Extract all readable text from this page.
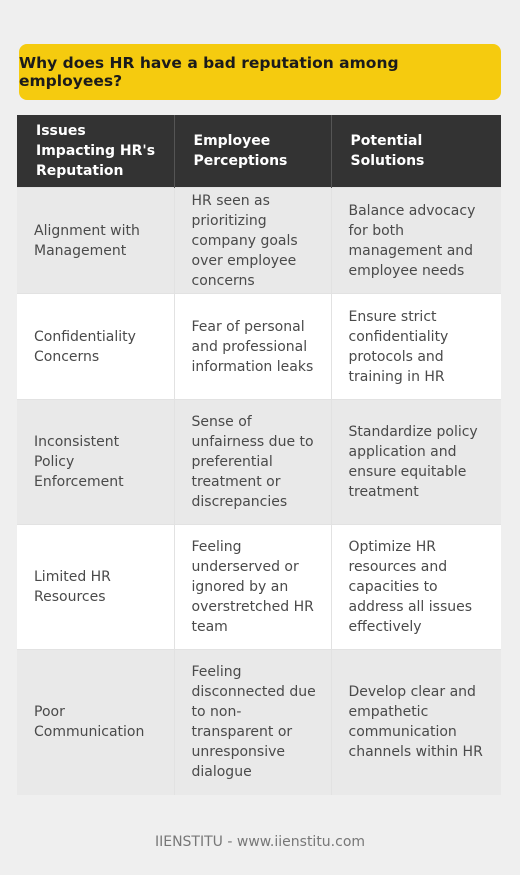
Why does HR have a bad reputation among employees?
Issues Impacting HR's Reputation	Employee Perceptions	Potential Solutions
Alignment with Management	HR seen as prioritizing company goals over employee concerns	Balance advocacy for both management and employee needs
Confidentiality Concerns	Fear of personal and professional information leaks	Ensure strict confidentiality protocols and training in HR
Inconsistent Policy Enforcement	Sense of unfairness due to preferential treatment or discrepancies	Standardize policy application and ensure equitable treatment
Limited HR Resources	Feeling underserved or ignored by an overstretched HR team	Optimize HR resources and capacities to address all issues effectively
Poor Communication	Feeling disconnected due to non-transparent or unresponsive dialogue	Develop clear and empathetic communication channels within HR
IIENSTITU - www.iienstitu.com
